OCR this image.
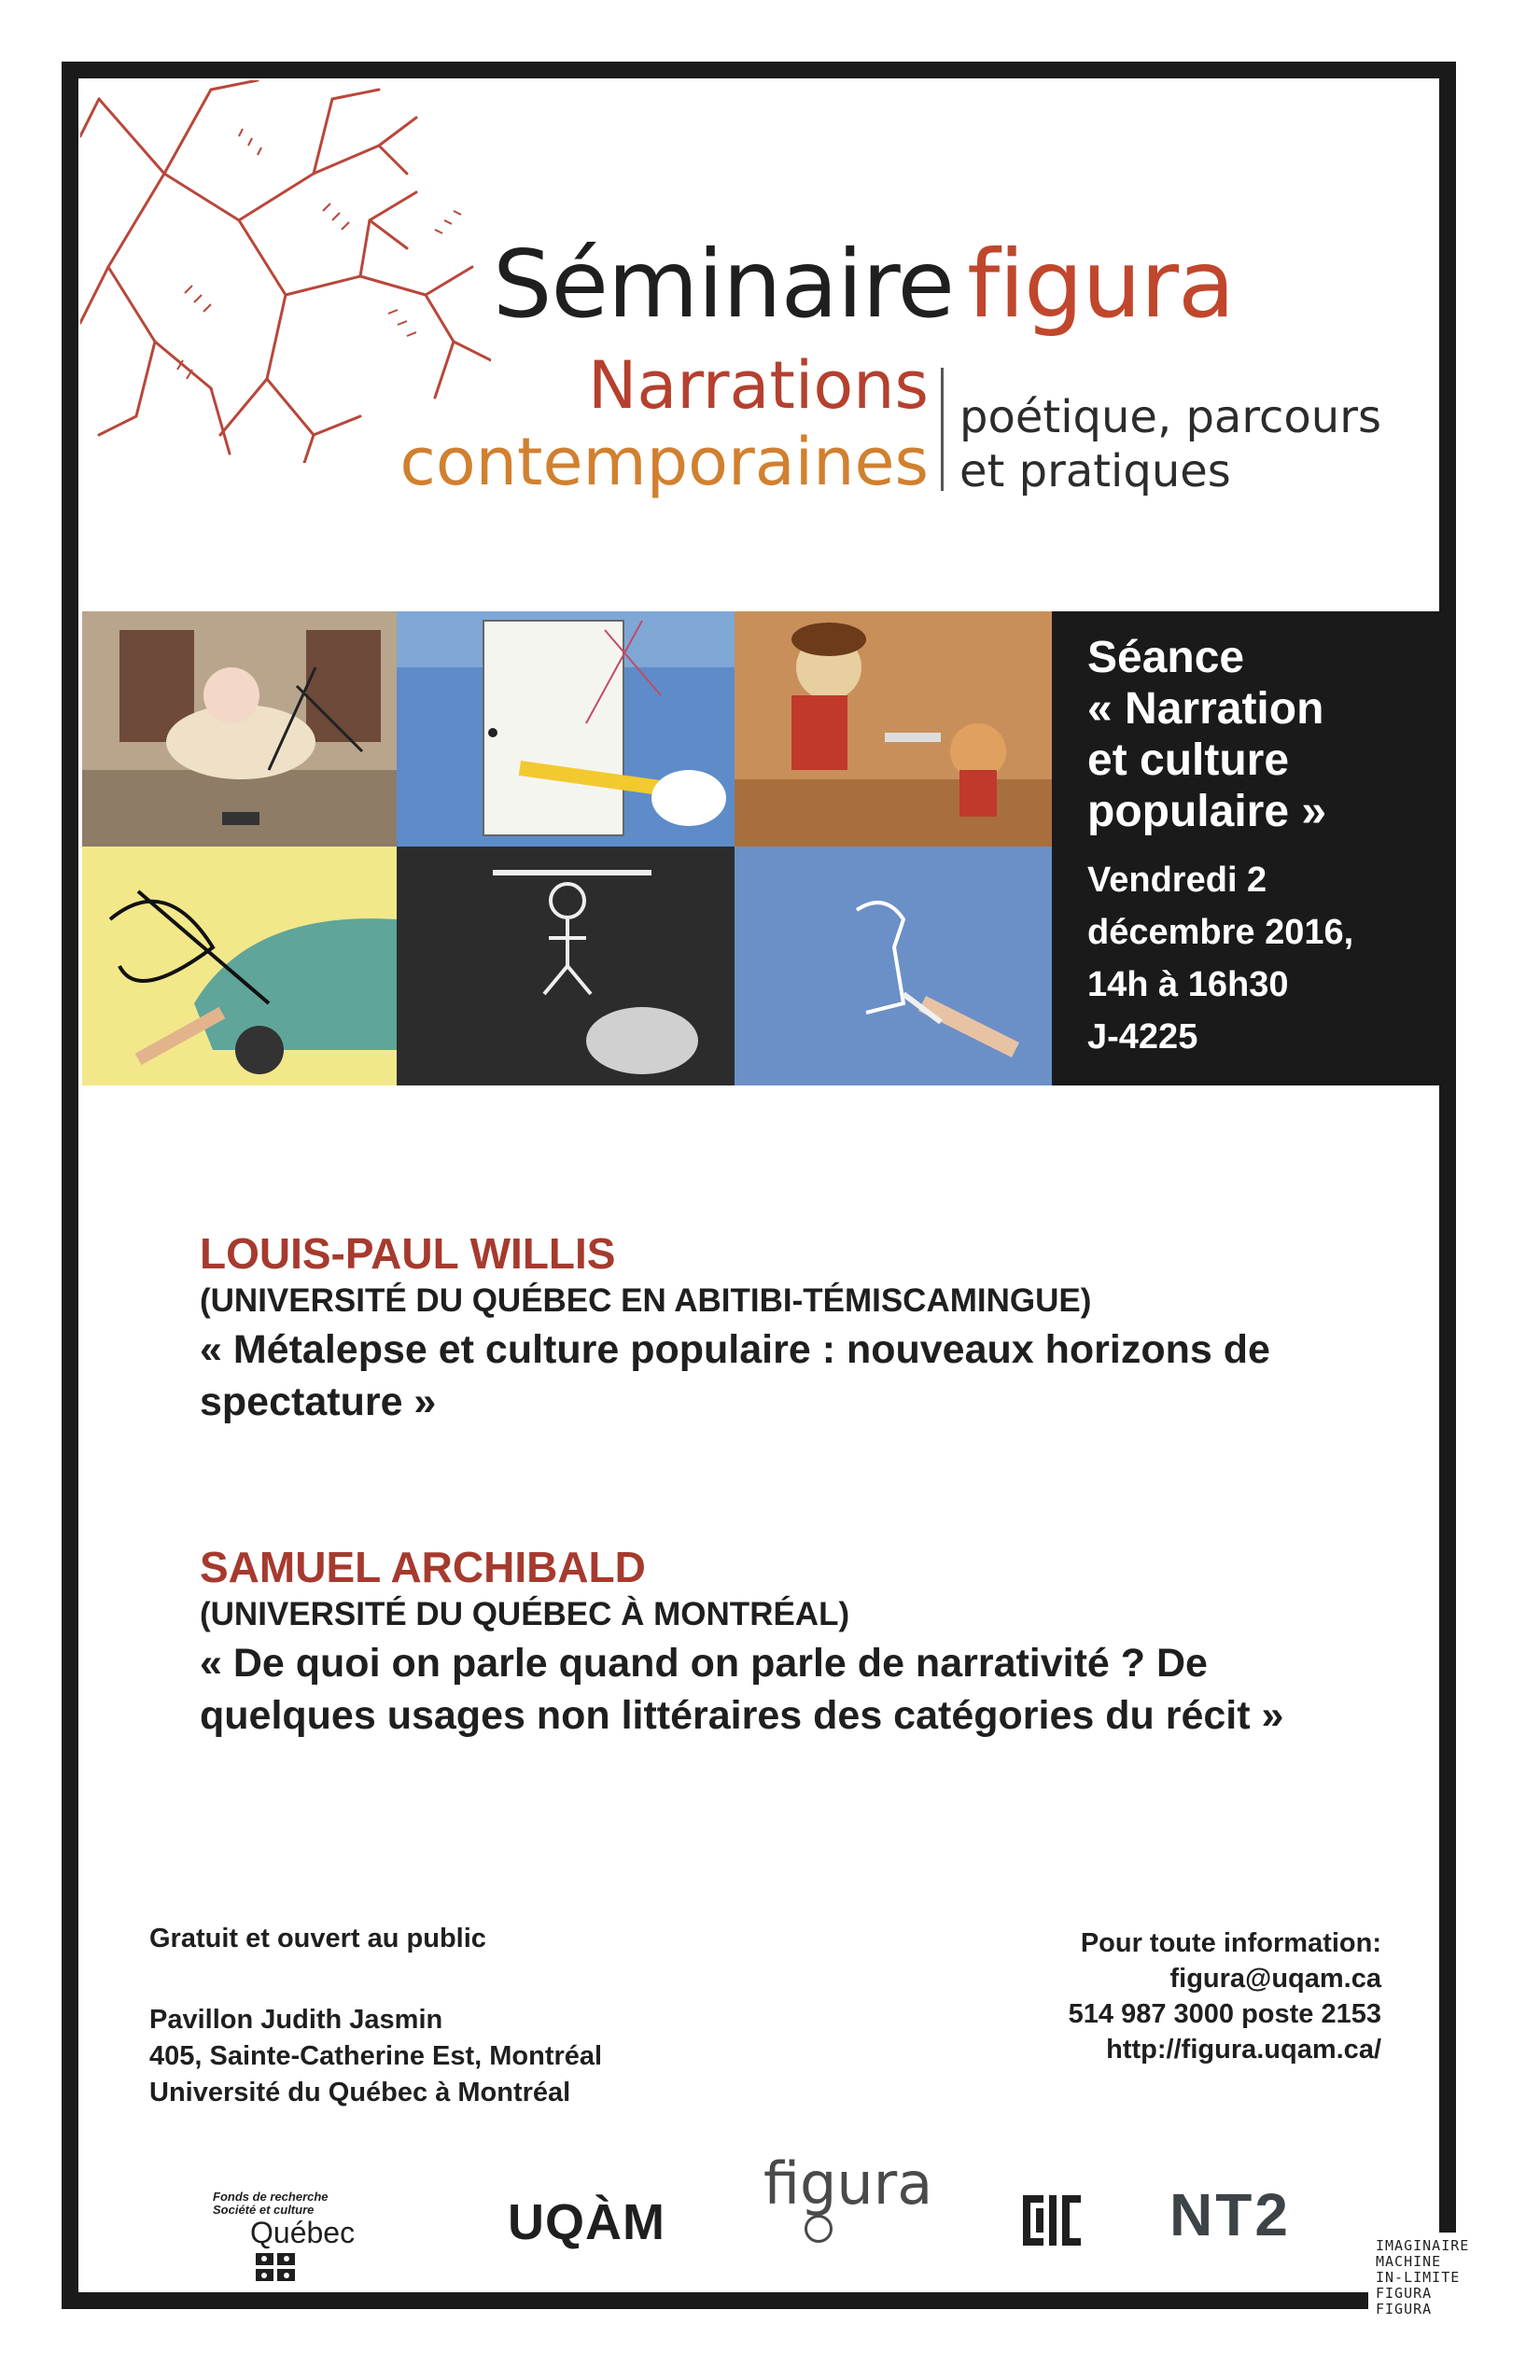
Séminaire figura
Narrations
contemporaines
poétique, parcours
et pratiques
Séance
« Narration
et culture
populaire »
Vendredi 2
décembre 2016,
14h à 16h30
J-4225
LOUIS-PAUL WILLIS
(UNIVERSITÉ DU QUÉBEC EN ABITIBI-TÉMISCAMINGUE)
« Métalepse et culture populaire : nouveaux horizons de spectature »
SAMUEL ARCHIBALD
(UNIVERSITÉ DU QUÉBEC À MONTRÉAL)
« De quoi on parle quand on parle de narrativité ? De quelques usages non littéraires des catégories du récit »
Gratuit et ouvert au public
Pavillon Judith Jasmin
405, Sainte-Catherine Est, Montréal
Université du Québec à Montréal
Pour toute information:
figura@uqam.ca
514 987 3000 poste 2153
http://figura.uqam.ca/
Fonds de recherche
Société et culture
Québec	UQÀM
figura	NT2	IMAGINAIRE
MACHINE
IN-LIMITE
FIGURA
FIGURA
